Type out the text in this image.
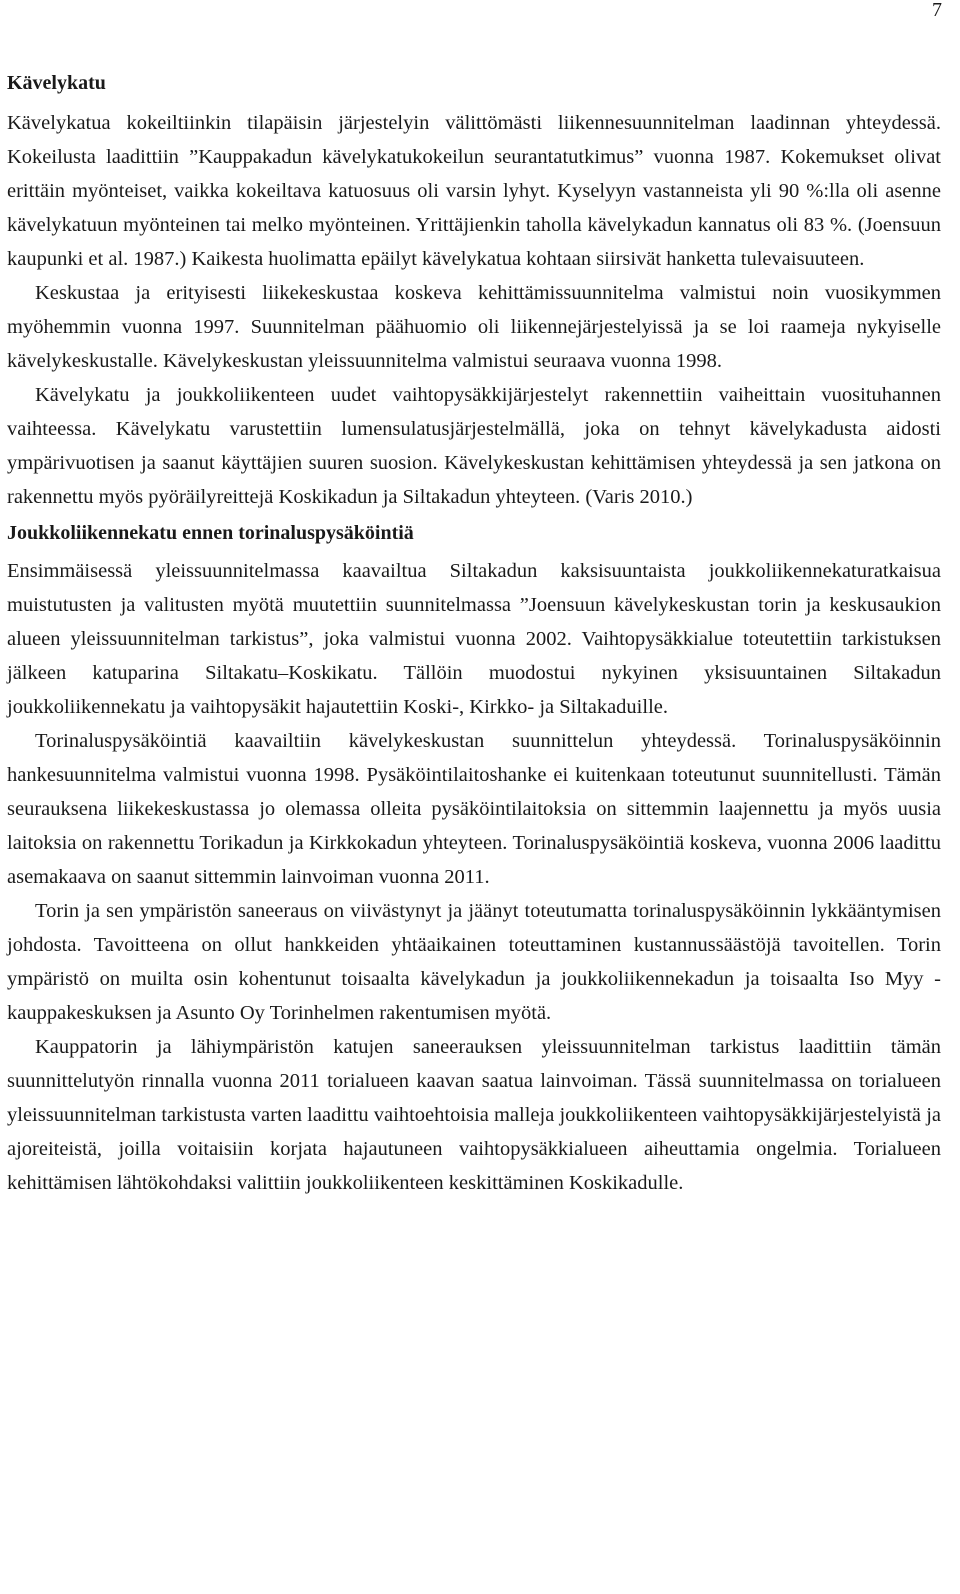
7
Kävelykatu

Kävelykatua kokeiltiinkin tilapäisin järjestelyin välittömästi liikennesuunnitelman laadinnan yhteydessä. Kokeilusta laadittiin ”Kauppakadun kävelykatukokeilun seurantatutkimus” vuonna 1987. Kokemukset olivat erittäin myönteiset, vaikka kokeiltava katuosuus oli varsin lyhyt. Kyselyyn vastanneista yli 90 %:lla oli asenne kävelykatuun myönteinen tai melko myönteinen. Yrittäjienkin taholla kävelykadun kannatus oli 83 %. (Joensuun kaupunki et al. 1987.) Kaikesta huolimatta epäilyt kävelykatua kohtaan siirsivät hanketta tulevaisuuteen.

Keskustaa ja erityisesti liikekeskustaa koskeva kehittämissuunnitelma valmistui noin vuosikymmen myöhemmin vuonna 1997. Suunnitelman päähuomio oli liikennejärjestelyissä ja se loi raameja nykyiselle kävelykeskustalle. Kävelykeskustan yleissuunnitelma valmistui seuraava vuonna 1998.

Kävelykatu ja joukkoliikenteen uudet vaihtopysäkkijärjestelyt rakennettiin vaiheittain vuosituhannen vaihteessa. Kävelykatu varustettiin lumensulatusjärjestelmällä, joka on tehnyt kävelykadusta aidosti ympärivuotisen ja saanut käyttäjien suuren suosion. Kävelykeskustan kehittämisen yhteydessä ja sen jatkona on rakennettu myös pyöräilyreittejä Koskikadun ja Siltakadun yhteyteen. (Varis 2010.)

Joukkoliikennekatu ennen torinaluspysäköintiä

Ensimmäisessä yleissuunnitelmassa kaavailtua Siltakadun kaksisuuntaista joukkoliikennekaturatkaisua muistutusten ja valitusten myötä muutettiin suunnitelmassa ”Joensuun kävelykeskustan torin ja keskusaukion alueen yleissuunnitelman tarkistus”, joka valmistui vuonna 2002. Vaihtopysäkkialue toteutettiin tarkistuksen jälkeen katuparina Siltakatu–Koskikatu. Tällöin muodostui nykyinen yksisuuntainen Siltakadun joukkoliikennekatu ja vaihtopysäkit hajautettiin Koski-, Kirkko- ja Siltakaduille.

Torinaluspysäköintiä kaavailtiin kävelykeskustan suunnittelun yhteydessä. Torinaluspysäköinnin hankesuunnitelma valmistui vuonna 1998. Pysäköintilaitoshanke ei kuitenkaan toteutunut suunnitellusti. Tämän seurauksena liikekeskustassa jo olemassa olleita pysäköintilaitoksia on sittemmin laajennettu ja myös uusia laitoksia on rakennettu Torikadun ja Kirkkokadun yhteyteen. Torinaluspysäköintiä koskeva, vuonna 2006 laadittu asemakaava on saanut sittemmin lainvoiman vuonna 2011.

Torin ja sen ympäristön saneeraus on viivästynyt ja jäänyt toteutumatta torinaluspysäköinnin lykkääntymisen johdosta. Tavoitteena on ollut hankkeiden yhtäaikainen toteuttaminen kustannussäästöjä tavoitellen. Torin ympäristö on muilta osin kohentunut toisaalta kävelykadun ja joukkoliikennekadun ja toisaalta Iso Myy -kauppakeskuksen ja Asunto Oy Torinhelmen rakentumisen myötä.

Kauppatorin ja lähiympäristön katujen saneerauksen yleissuunnitelman tarkistus laadittiin tämän suunnittelutyön rinnalla vuonna 2011 torialueen kaavan saatua lainvoiman. Tässä suunnitelmassa on torialueen yleissuunnitelman tarkistusta varten laadittu vaihtoehtoisia malleja joukkoliikenteen vaihtopysäkkijärjestelyistä ja ajoreiteistä, joilla voitaisiin korjata hajautuneen vaihtopysäkkialueen aiheuttamia ongelmia. Torialueen kehittämisen lähtökohdaksi valittiin joukkoliikenteen keskittäminen Koskikadulle.
